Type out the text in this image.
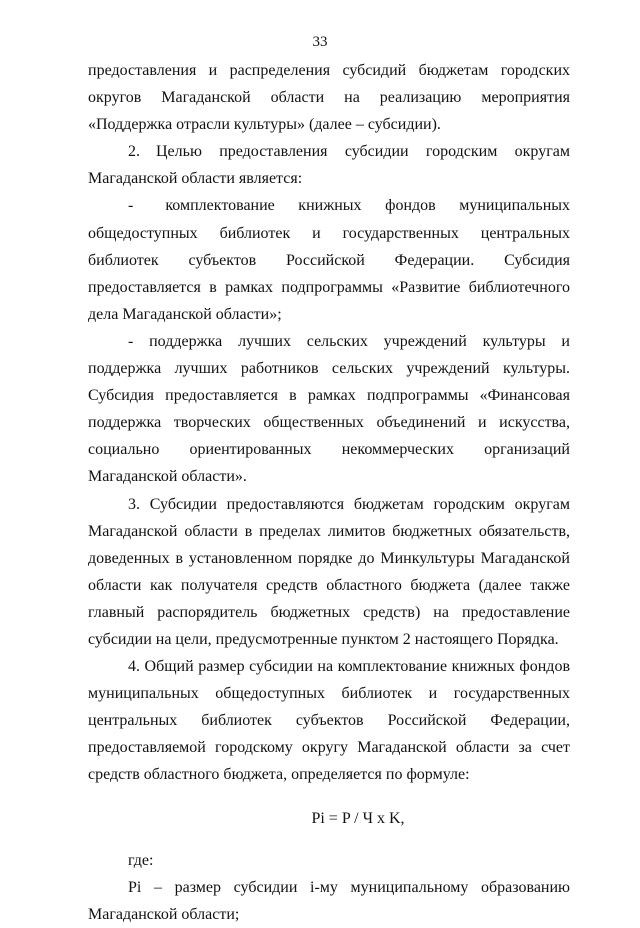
33

предоставления и распределения субсидий бюджетам городских округов Магаданской области на реализацию мероприятия «Поддержка отрасли культуры» (далее – субсидии).

2. Целью предоставления субсидии городским округам Магаданской области является:

-  комплектование книжных фондов муниципальных общедоступных библиотек и государственных центральных библиотек субъектов Российской Федерации. Субсидия предоставляется в рамках подпрограммы «Развитие библиотечного дела Магаданской области»;

- поддержка лучших сельских учреждений культуры и поддержка лучших работников сельских учреждений культуры. Субсидия предоставляется в рамках подпрограммы «Финансовая поддержка творческих общественных объединений и искусства, социально ориентированных некоммерческих организаций Магаданской области».

3. Субсидии предоставляются бюджетам городским округам Магаданской области в пределах лимитов бюджетных обязательств, доведенных в установленном порядке до Минкультуры Магаданской области как получателя средств областного бюджета (далее также главный распорядитель бюджетных средств) на предоставление субсидии на цели, предусмотренные пунктом 2 настоящего Порядка.

4. Общий размер субсидии на комплектование книжных фондов муниципальных общедоступных библиотек и государственных центральных библиотек субъектов Российской Федерации, предоставляемой городскому округу Магаданской области за счет средств областного бюджета, определяется по формуле:

Pi = P / Ч x K,

где:

Pi – размер субсидии i-му муниципальному образованию Магаданской области;
